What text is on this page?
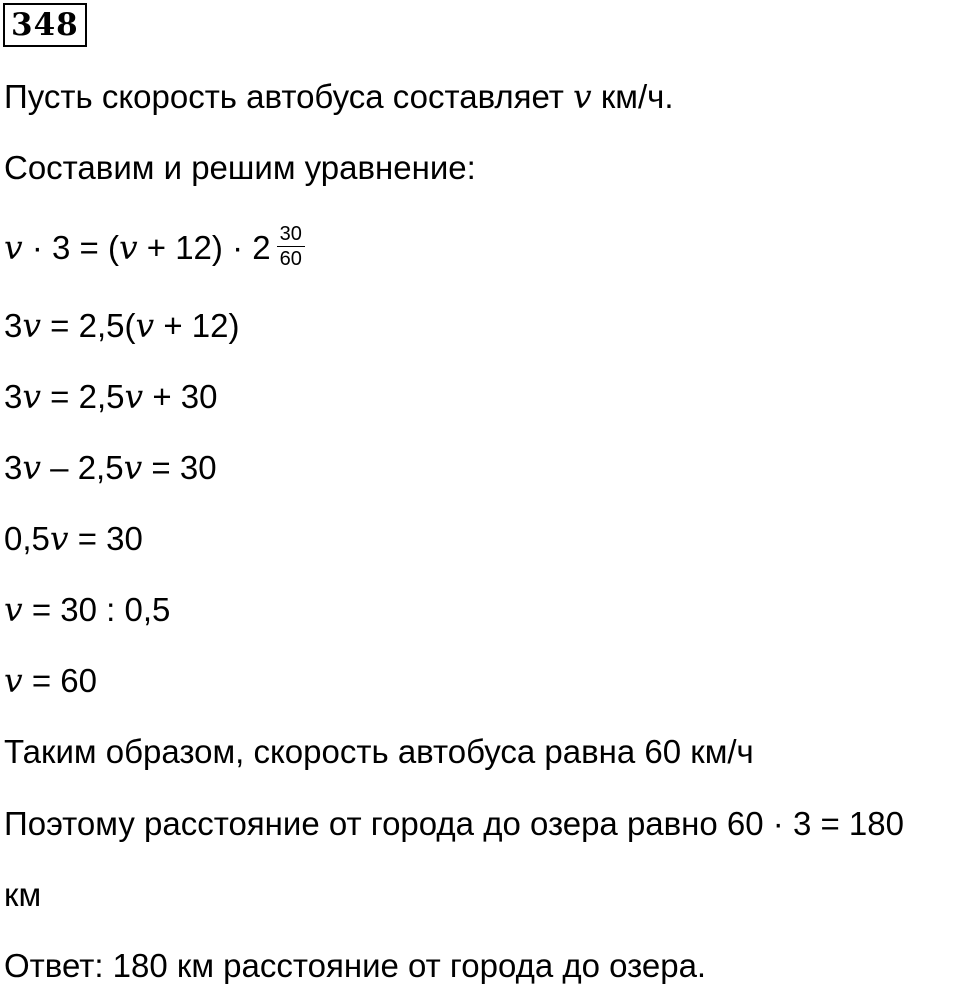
348
Пусть скорость автобуса составляет v км/ч.
Составим и решим уравнение:
$v \cdot 3 = (v + 12) \cdot 2 \frac{30}{60}$
3v = 2,5(v + 12)
3v = 2,5v + 30
3v – 2,5v = 30
0,5v = 30
v = 30 : 0,5
v = 60
Таким образом, скорость автобуса равна 60 км/ч
Поэтому расстояние от города до озера равно 60 · 3 = 180
км
Ответ: 180 км расстояние от города до озера.
